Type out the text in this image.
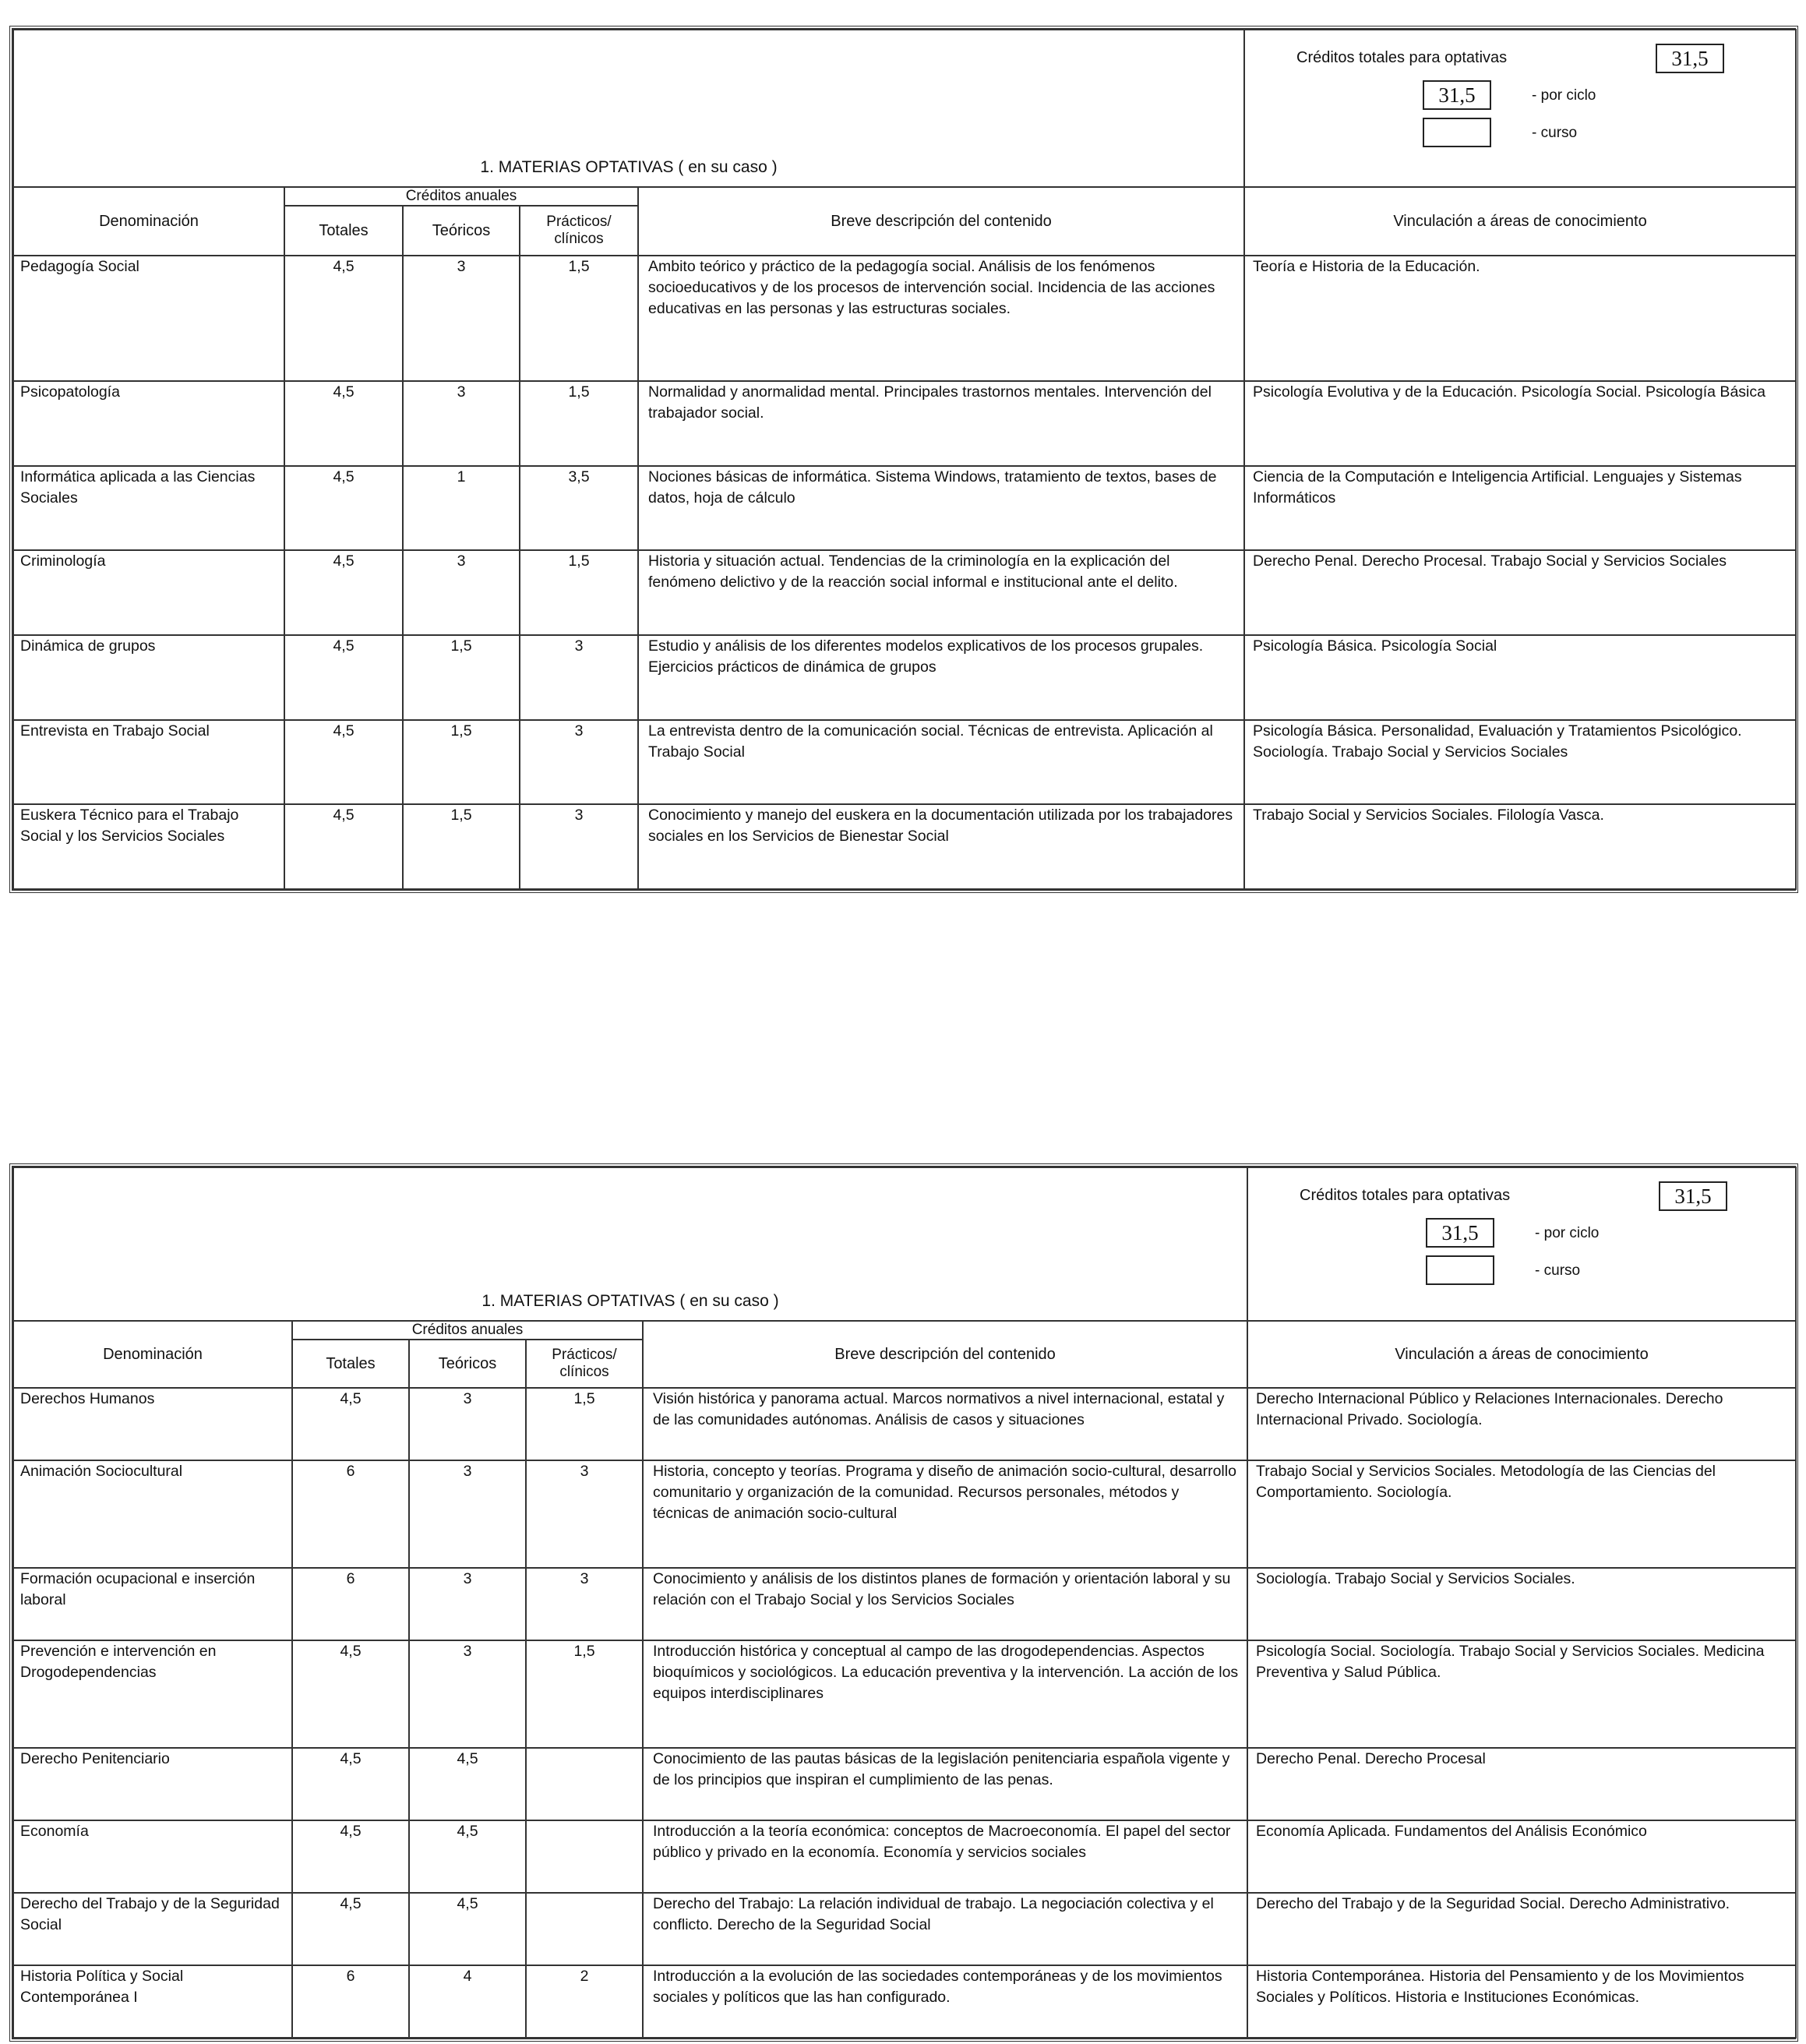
1. MATERIAS OPTATIVAS ( en su caso )					Créditos totales para optativas 31,5
31,5 - por ciclo
- curso

Denominación	Créditos anuales			Breve descripción del contenido	Vinculación a áreas de conocimiento
	Totales	Teóricos	Prácticos/ clínicos		
Pedagogía Social	4,5	3	1,5	Ambito teórico y práctico de la pedagogía social. Análisis de los fenómenos socioeducativos y de los procesos de intervención social. Incidencia de las acciones educativas en las personas y las estructuras sociales.	Teoría e Historia de la Educación.
Psicopatología	4,5	3	1,5	Normalidad y anormalidad mental. Principales trastornos mentales. Intervención del trabajador social.	Psicología Evolutiva y de la Educación. Psicología Social. Psicología Básica
Informática aplicada a las Ciencias Sociales	4,5	1	3,5	Nociones básicas de informática. Sistema Windows, tratamiento de textos, bases de datos, hoja de cálculo	Ciencia de la Computación e Inteligencia Artificial. Lenguajes y Sistemas Informáticos
Criminología	4,5	3	1,5	Historia y situación actual. Tendencias de la criminología en la explicación del fenómeno delictivo y de la reacción social informal e institucional ante el delito.	Derecho Penal. Derecho Procesal. Trabajo Social y Servicios Sociales
Dinámica de grupos	4,5	1,5	3	Estudio y análisis de los diferentes modelos explicativos de los procesos grupales. Ejercicios prácticos de dinámica de grupos	Psicología Básica. Psicología Social
Entrevista en Trabajo Social	4,5	1,5	3	La entrevista dentro de la comunicación social. Técnicas de entrevista. Aplicación al Trabajo Social	Psicología Básica. Personalidad, Evaluación y Tratamientos Psicológico. Sociología. Trabajo Social y Servicios Sociales
Euskera Técnico para el Trabajo Social y los Servicios Sociales	4,5	1,5	3	Conocimiento y manejo del euskera en la documentación utilizada por los trabajadores sociales en los Servicios de Bienestar Social	Trabajo Social y Servicios Sociales. Filología Vasca.
1. MATERIAS OPTATIVAS ( en su caso )					Créditos totales para optativas 31,5
31,5 - por ciclo
- curso

Denominación	Créditos anuales			Breve descripción del contenido	Vinculación a áreas de conocimiento
	Totales	Teóricos	Prácticos/ clínicos		
Derechos Humanos	4,5	3	1,5	Visión histórica y panorama actual. Marcos normativos a nivel internacional, estatal y de las comunidades autónomas. Análisis de casos y situaciones	Derecho Internacional Público y Relaciones Internacionales. Derecho Internacional Privado. Sociología.
Animación Sociocultural	6	3	3	Historia, concepto y teorías. Programa y diseño de animación socio-cultural, desarrollo comunitario y organización de la comunidad. Recursos personales, métodos y técnicas de animación socio-cultural	Trabajo Social y Servicios Sociales. Metodología de las Ciencias del Comportamiento. Sociología.
Formación ocupacional e inserción laboral	6	3	3	Conocimiento y análisis de los distintos planes de formación y orientación laboral y su relación con el Trabajo Social y los Servicios Sociales	Sociología. Trabajo Social y Servicios Sociales.
Prevención e intervención en Drogodependencias	4,5	3	1,5	Introducción histórica y conceptual al campo de las drogodependencias. Aspectos bioquímicos y sociológicos. La educación preventiva y la intervención. La acción de los equipos interdisciplinares	Psicología Social. Sociología. Trabajo Social y Servicios Sociales. Medicina Preventiva y Salud Pública.
Derecho Penitenciario	4,5	4,5		Conocimiento de las pautas básicas de la legislación penitenciaria española vigente y de los principios que inspiran el cumplimiento de las penas.	Derecho Penal. Derecho Procesal
Economía	4,5	4,5		Introducción a la teoría económica: conceptos de Macroeconomía. El papel del sector público y privado en la economía. Economía y servicios sociales	Economía Aplicada. Fundamentos del Análisis Económico
Derecho del Trabajo y de la Seguridad Social	4,5	4,5		Derecho del Trabajo: La relación individual de trabajo. La negociación colectiva y el conflicto. Derecho de la Seguridad Social	Derecho del Trabajo y de la Seguridad Social. Derecho Administrativo.
Historia Política y Social Contemporánea I	6	4	2	Introducción a la evolución de las sociedades contemporáneas y de los movimientos sociales y políticos que las han configurado.	Historia Contemporánea. Historia del Pensamiento y de los Movimientos Sociales y Políticos. Historia e Instituciones Económicas.
